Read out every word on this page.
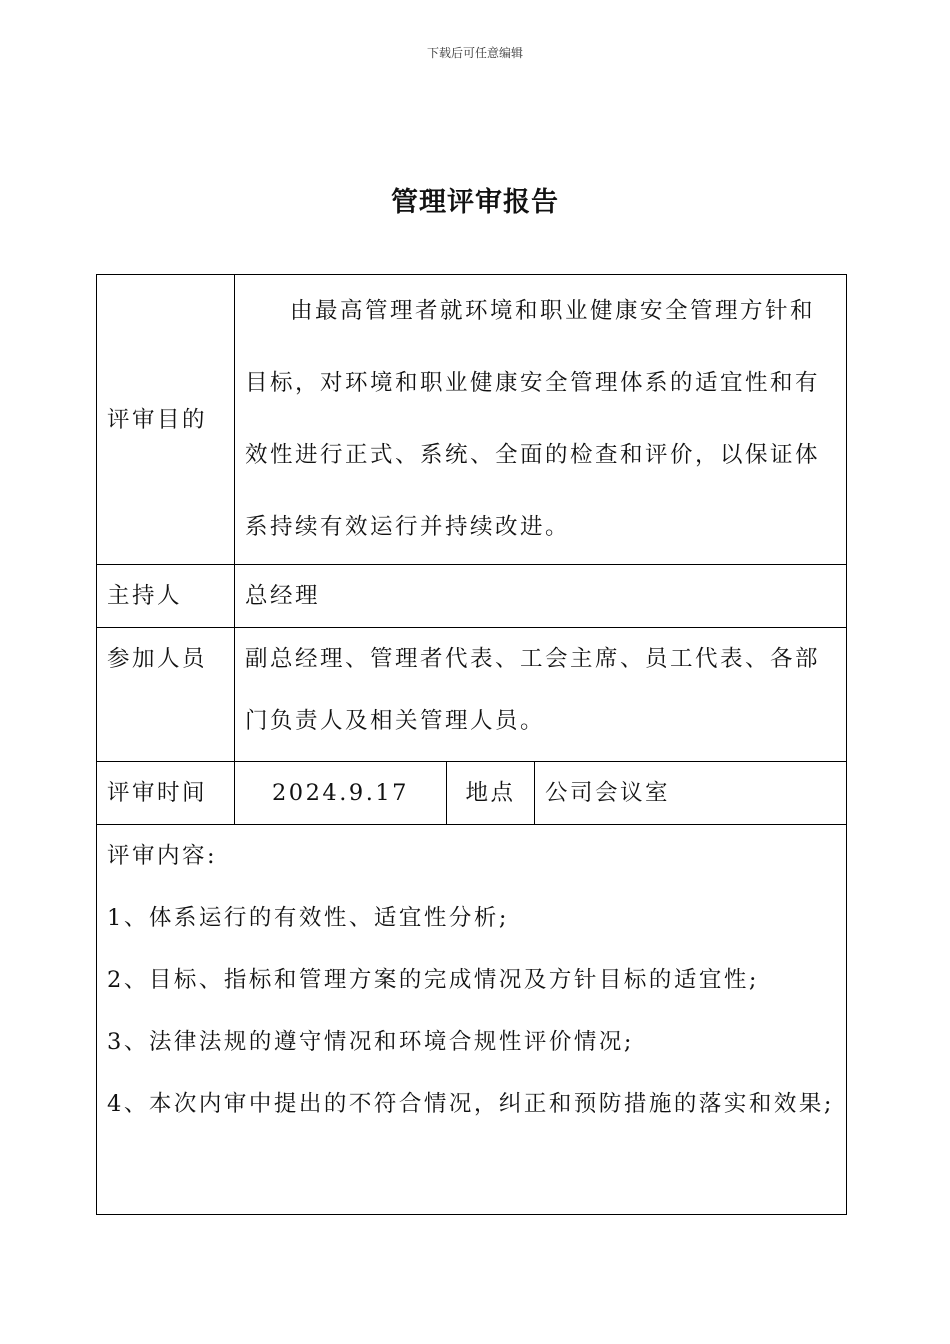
下载后可任意编辑
管理评审报告
评审目的	由最高管理者就环境和职业健康安全管理方针和目标，对环境和职业健康安全管理体系的适宜性和有效性进行正式、系统、全面的检查和评价，以保证体系持续有效运行并持续改进。		

主持人	总经理		
参加人员	副总经理、管理者代表、工会主席、员工代表、各部门负责人及相关管理人员。		
评审时间	2024.9.17	地点	公司会议室

评审内容:
1、体系运行的有效性、适宜性分析;
2、目标、指标和管理方案的完成情况及方针目标的适宜性;
3、法律法规的遵守情况和环境合规性评价情况;
4、本次内审中提出的不符合情况，纠正和预防措施的落实和效果;			
